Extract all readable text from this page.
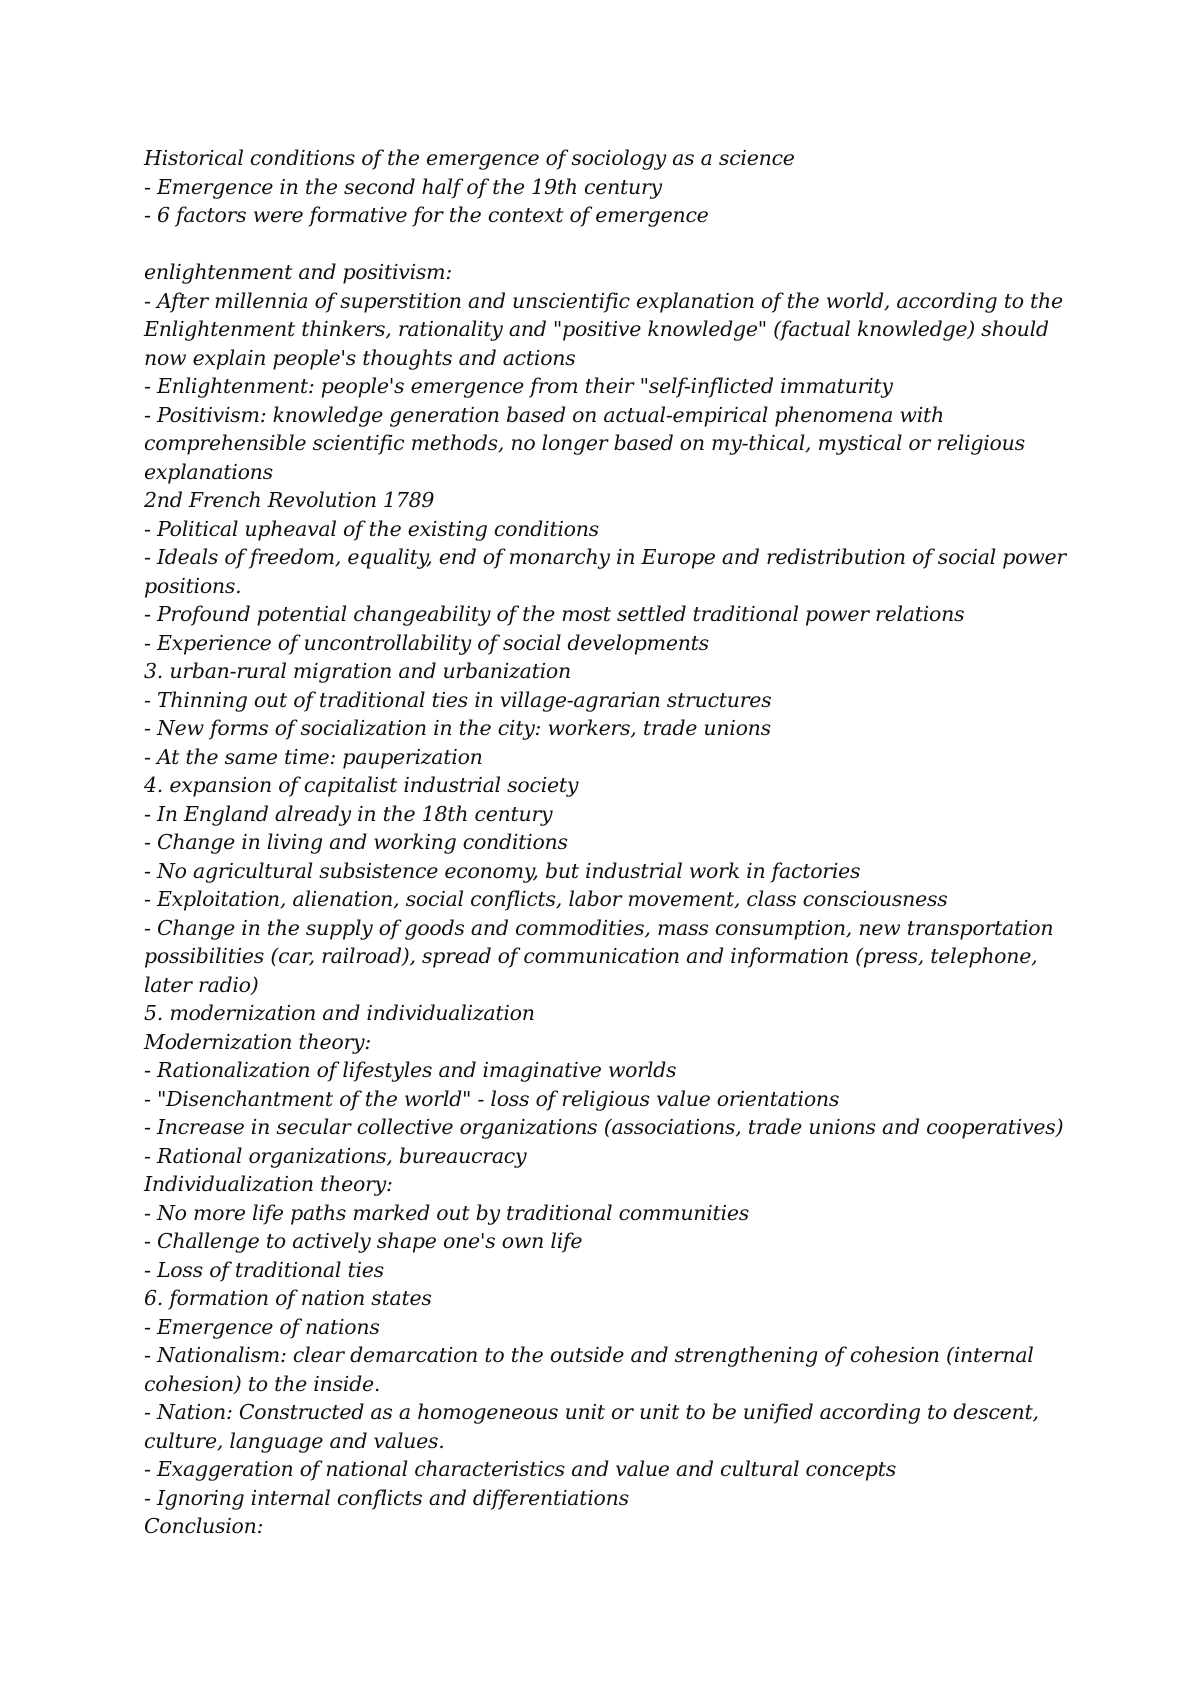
Historical conditions of the emergence of sociology as a science
- Emergence in the second half of the 19th century
- 6 factors were formative for the context of emergence
enlightenment and positivism:
- After millennia of superstition and unscientific explanation of the world, according to the Enlightenment thinkers, rationality and "positive knowledge" (factual knowledge) should now explain people's thoughts and actions
- Enlightenment: people's emergence from their "self-inflicted immaturity
- Positivism: knowledge generation based on actual-empirical phenomena with comprehensible scientific methods, no longer based on my-thical, mystical or religious explanations
2nd French Revolution 1789
- Political upheaval of the existing conditions
- Ideals of freedom, equality, end of monarchy in Europe and redistribution of social power positions.
- Profound potential changeability of the most settled traditional power relations
- Experience of uncontrollability of social developments
3. urban-rural migration and urbanization
- Thinning out of traditional ties in village-agrarian structures
- New forms of socialization in the city: workers, trade unions
- At the same time: pauperization
4. expansion of capitalist industrial society
- In England already in the 18th century
- Change in living and working conditions
- No agricultural subsistence economy, but industrial work in factories
- Exploitation, alienation, social conflicts, labor movement, class consciousness
- Change in the supply of goods and commodities, mass consumption, new transportation possibilities (car, railroad), spread of communication and information (press, telephone, later radio)
5. modernization and individualization
Modernization theory:
- Rationalization of lifestyles and imaginative worlds
- "Disenchantment of the world" - loss of religious value orientations
- Increase in secular collective organizations (associations, trade unions and cooperatives)
- Rational organizations, bureaucracy
Individualization theory:
- No more life paths marked out by traditional communities
- Challenge to actively shape one's own life
- Loss of traditional ties
6. formation of nation states
- Emergence of nations
- Nationalism: clear demarcation to the outside and strengthening of cohesion (internal cohesion) to the inside.
- Nation: Constructed as a homogeneous unit or unit to be unified according to descent, culture, language and values.
- Exaggeration of national characteristics and value and cultural concepts
- Ignoring internal conflicts and differentiations
Conclusion:
